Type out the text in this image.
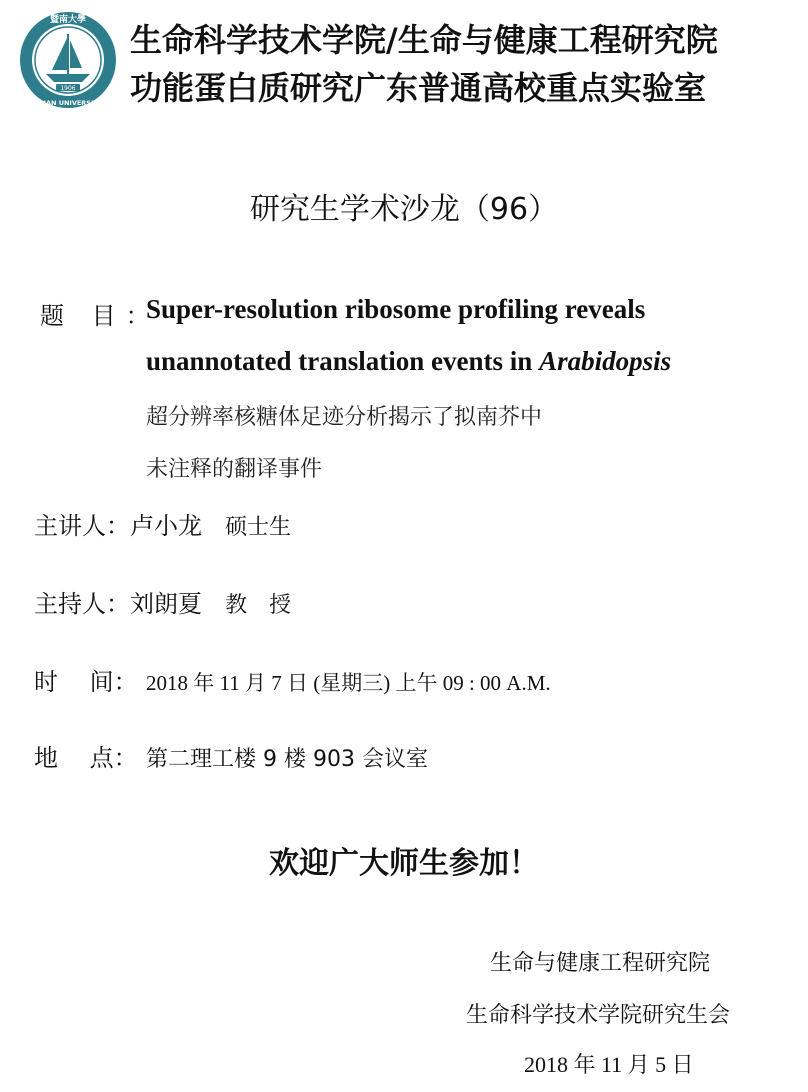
1906
暨南大學
JI NAN UNIVERSITY
生命科学技术学院/生命与健康工程研究院
功能蛋白质研究广东普通高校重点实验室
研究生学术沙龙（96）
题 目：
Super-resolution ribosome profiling reveals
unannotated translation events in Arabidopsis
超分辨率核糖体足迹分析揭示了拟南芥中
未注释的翻译事件
主讲人：卢小龙 硕士生
主持人：刘朗夏 教　授
时　 间： 2018 年 11 月 7 日 (星期三) 上午 09 : 00 A.M.
地　 点： 第二理工楼 9 楼 903 会议室
欢迎广大师生参加！
生命与健康工程研究院
生命科学技术学院研究生会
2018 年 11 月 5 日
